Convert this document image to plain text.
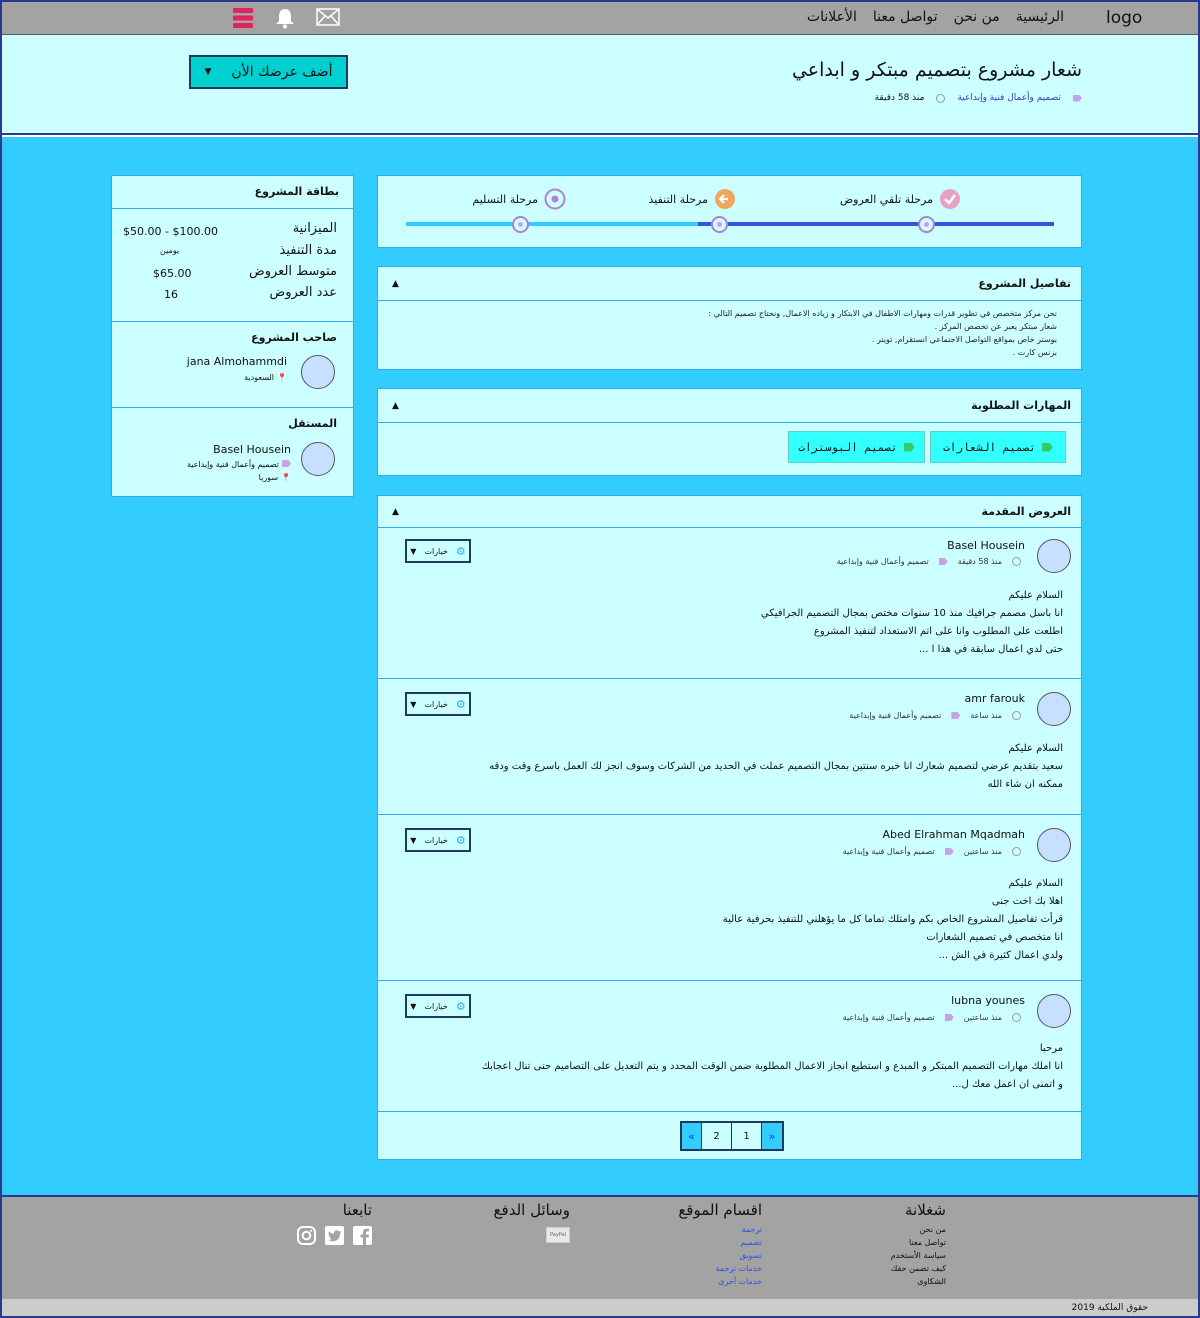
logo
الرئيسية
من نحن
تواصل معنا
الأعلانات
شعار مشروع بتصميم مبتكر و ابداعي
تصميم وأعمال فنية وإبداعية
منذ 58 دقيقة
أضف عرضك الأن
▼
مرحلة تلقي العروض
مرحلة التنفيذ
مرحلة التسليم
تفاصيل المشروع
▲
نحن مركز متخصص في تطوير قدرات ومهارات الاطفال في الابتكار و زياده الاعمال, ونحتاج تصميم التالي :
شعار مبتكر يعبر عن تخصص المركز .
بوستر خاص بمواقع التواصل الاجتماعي انستقرام, تويتر .
بزنس كارت .
المهارات المطلوبة
▲
تصميم الشعارات
تصميم البوسترات
العروض المقدمة
▲
Basel Housein
منذ 58 دقيقة
تصميم وأعمال فنية وإبداعية
⚙
خيارات
▼
السلام عليكم
انا باسل مصمم جرافيك منذ 10 سنوات مختص بمجال التصميم الجرافيكي
اطلعت على المطلوب وانا على اتم الاستعداد لتنفيذ المشروع
حتى لدي اعمال سابقة في هذا ا ...
amr farouk
منذ ساعة
تصميم وأعمال فنية وإبداعية
⚙
خيارات
▼
السلام عليكم
سعيد بتقديم عرضي لتصميم شعارك انا خبره سنتين بمجال التصميم عملت في الحديد من الشركات وسوف انجز لك العمل باسرع وقت ودقه
ممكنه ان شاء الله
Abed Elrahman Mqadmah
منذ ساعتين
تصميم وأعمال فنية وإبداعية
⚙
خيارات
▼
السلام عليكم
اهلا بك اخت جنى
قرأت تفاصيل المشروع الخاص بكم وامتلك تماما كل ما يؤهلني للتنفيذ بحرفية عالية
انا متخصص في تصميم الشعارات
ولدي اعمال كثيرة في الش ...
lubna younes
منذ ساعتين
تصميم وأعمال فنية وإبداعية
⚙
خيارات
▼
مرحبا
انا املك مهارات التصميم المبتكر و المبدع و استطيع انجاز الاعمال المطلوبة ضمن الوقت المحدد و يتم التعديل على التصاميم حتى تنال اعجابك
و اتمنى ان اعمل معك ل...
«	2	1	»
بطاقة المشروع
الميزانية
$50.00 - $100.00
مدة التنفيذ
يومين
متوسط العروض
$65.00
عدد العروض
16
صاحب المشروع
jana Almohammdi
📍
السعودية
المستقل
Basel Housein
تصميم وأعمال فنية وإبداعية
📍
سوريا
شغلانة
من نحن
تواصل معنا
سياسة الأستخدم
كيف تضمن حقك
الشكاوى
اقسام الموقع
ترجمة
تصميم
تسويق
خدمات ترجمة
خدمات أخرى
وسائل الدفع
PayPal
تابعنا
حقوق الملكية 2019
